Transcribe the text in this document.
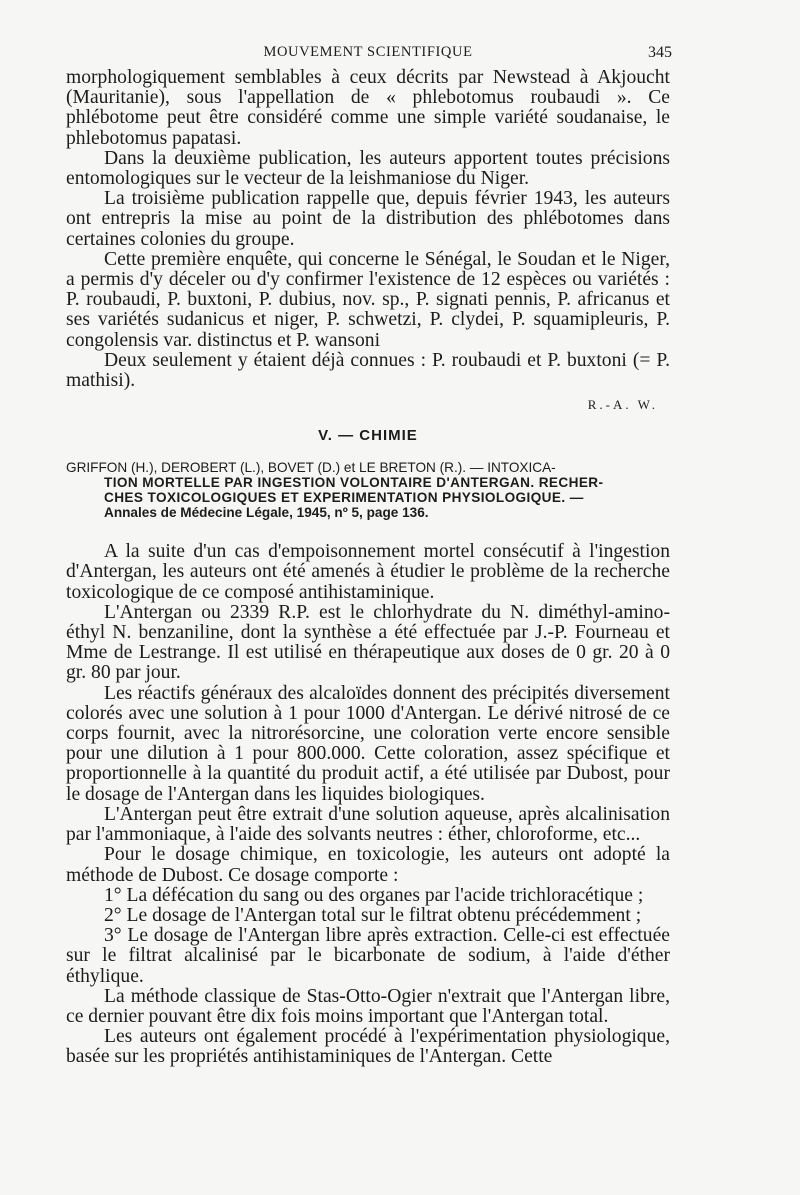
MOUVEMENT SCIENTIFIQUE	345

morphologiquement semblables à ceux décrits par Newstead à Akjoucht (Mauritanie), sous l'appellation de « phlebotomus roubaudi ». Ce phlébotome peut être considéré comme une simple variété soudanaise, le phlebotomus papatasi.

Dans la deuxième publication, les auteurs apportent toutes précisions entomologiques sur le vecteur de la leishmaniose du Niger.

La troisième publication rappelle que, depuis février 1943, les auteurs ont entrepris la mise au point de la distribution des phlébotomes dans certaines colonies du groupe.

Cette première enquête, qui concerne le Sénégal, le Soudan et le Niger, a permis d'y déceler ou d'y confirmer l'existence de 12 espèces ou variétés : P. roubaudi, P. buxtoni, P. dubius, nov. sp., P. signati pennis, P. africanus et ses variétés sudanicus et niger, P. schwetzi, P. clydei, P. squamipleuris, P. congolensis var. distinctus et P. wansoni

Deux seulement y étaient déjà connues : P. roubaudi et P. buxtoni (= P. mathisi).

R.-A. W.
V. — CHIMIE
GRIFFON (H.), DEROBERT (L.), BOVET (D.) et LE BRETON (R.). — INTOXICA-
TION MORTELLE PAR INGESTION VOLONTAIRE D'ANTERGAN. RECHER-
CHES TOXICOLOGIQUES ET EXPERIMENTATION PHYSIOLOGIQUE. —
Annales de Médecine Légale, 1945, nº 5, page 136.

A la suite d'un cas d'empoisonnement mortel consécutif à l'ingestion d'Antergan, les auteurs ont été amenés à étudier le problème de la recherche toxicologique de ce composé antihistaminique.

L'Antergan ou 2339 R.P. est le chlorhydrate du N. diméthyl-amino-éthyl N. benzaniline, dont la synthèse a été effectuée par J.-P. Fourneau et Mme de Lestrange. Il est utilisé en thérapeutique aux doses de 0 gr. 20 à 0 gr. 80 par jour.

Les réactifs généraux des alcaloïdes donnent des précipités diversement colorés avec une solution à 1 pour 1000 d'Antergan. Le dérivé nitrosé de ce corps fournit, avec la nitrorésorcine, une coloration verte encore sensible pour une dilution à 1 pour 800.000. Cette coloration, assez spécifique et proportionnelle à la quantité du produit actif, a été utilisée par Dubost, pour le dosage de l'Antergan dans les liquides biologiques.

L'Antergan peut être extrait d'une solution aqueuse, après alcalinisation par l'ammoniaque, à l'aide des solvants neutres : éther, chloroforme, etc...

Pour le dosage chimique, en toxicologie, les auteurs ont adopté la méthode de Dubost. Ce dosage comporte :

1° La défécation du sang ou des organes par l'acide trichloracétique ;

2° Le dosage de l'Antergan total sur le filtrat obtenu précédemment ;

3° Le dosage de l'Antergan libre après extraction. Celle-ci est effectuée sur le filtrat alcalinisé par le bicarbonate de sodium, à l'aide d'éther éthylique.

La méthode classique de Stas-Otto-Ogier n'extrait que l'Antergan libre, ce dernier pouvant être dix fois moins important que l'Antergan total.

Les auteurs ont également procédé à l'expérimentation physiologique, basée sur les propriétés antihistaminiques de l'Antergan. Cette
